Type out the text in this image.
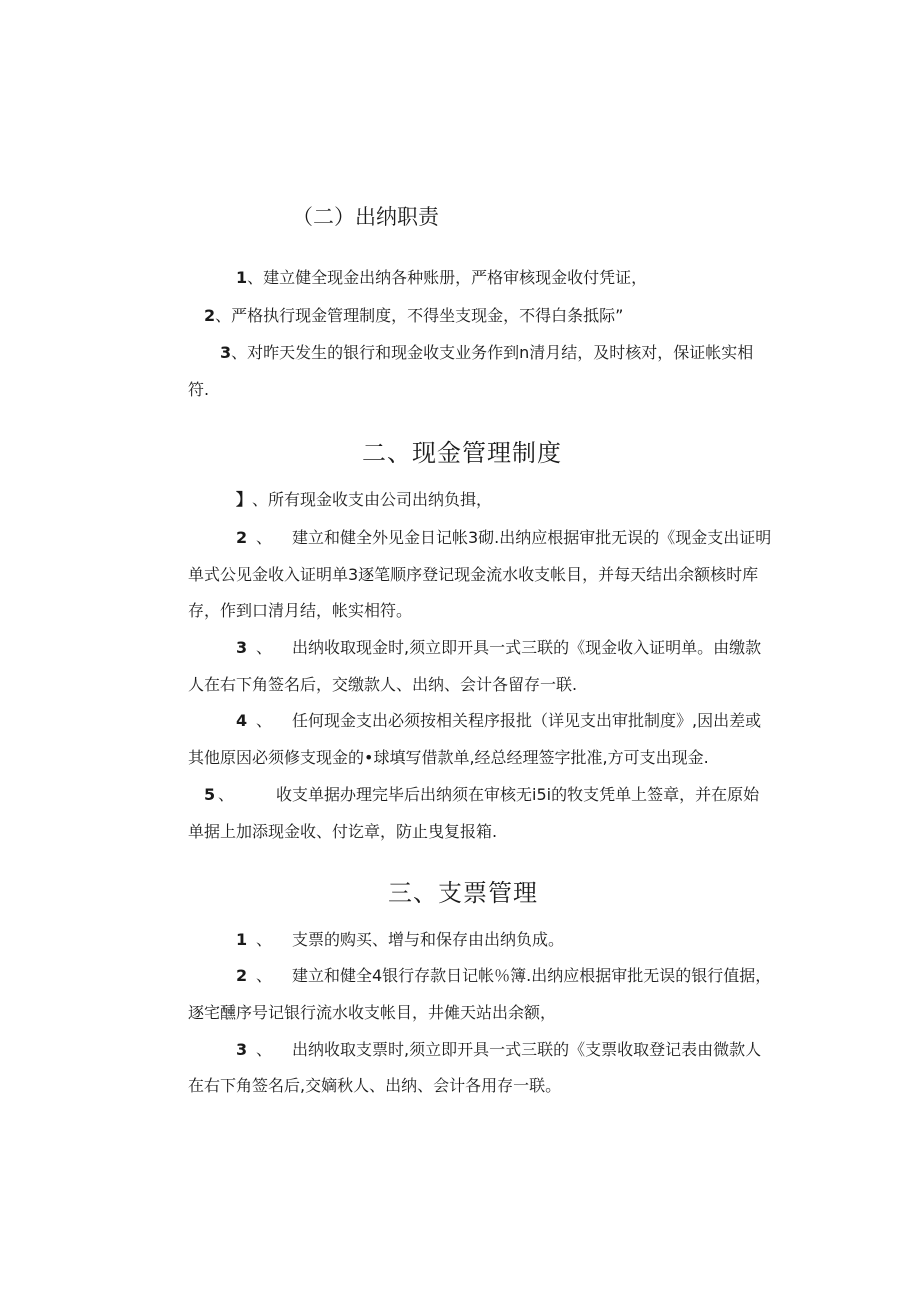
（二）出纳职责
1、建立健全现金出纳各种账册，严格审核现金收付凭证，
2、严格执行现金管理制度，不得坐支现金，不得白条抵际”
3、对昨天发生的银行和现金收支业务作到n清月结，及时核对，保证帐实相
符.
二、现金管理制度
】、所有现金收支由公司出纳负揖，
2 、 建立和健全外见金日记帐3砌.出纳应根据审批无误的《现金支出证明
单式公见金收入证明单3逐笔顺序登记现金流水收支帐目，并每天结出余额核时库
存，作到口清月结，帐实相符。
3 、 出纳收取现金时,须立即开具一式三联的《现金收入证明单。由缴款
人在右下角签名后，交缴款人、出纳、会计各留存一联.
4 、 任何现金支出必须按相关程序报批（详见支出审批制度》,因出差或
其他原因必须修支现金的•球填写借款单,经总经理签字批准,方可支出现金.
5 、	收支单据办理完毕后出纳须在审核无i5i的牧支凭单上签章，并在原始
单据上加添现金收、付讫章，防止曳复报箱.
三、支票管理
1 、 支票的购买、增与和保存由出纳负成。
2 、 建立和健全4银行存款日记帐％簿.出纳应根据审批无误的银行值据，
逐宅醺序号记银行流水收支帐目，井傩天站出余额，
3 、 出纳收取支票时,须立即开具一式三联的《支票收取登记表由微款人
在右下角签名后,交嫡秋人、出纳、会计各用存一联。
